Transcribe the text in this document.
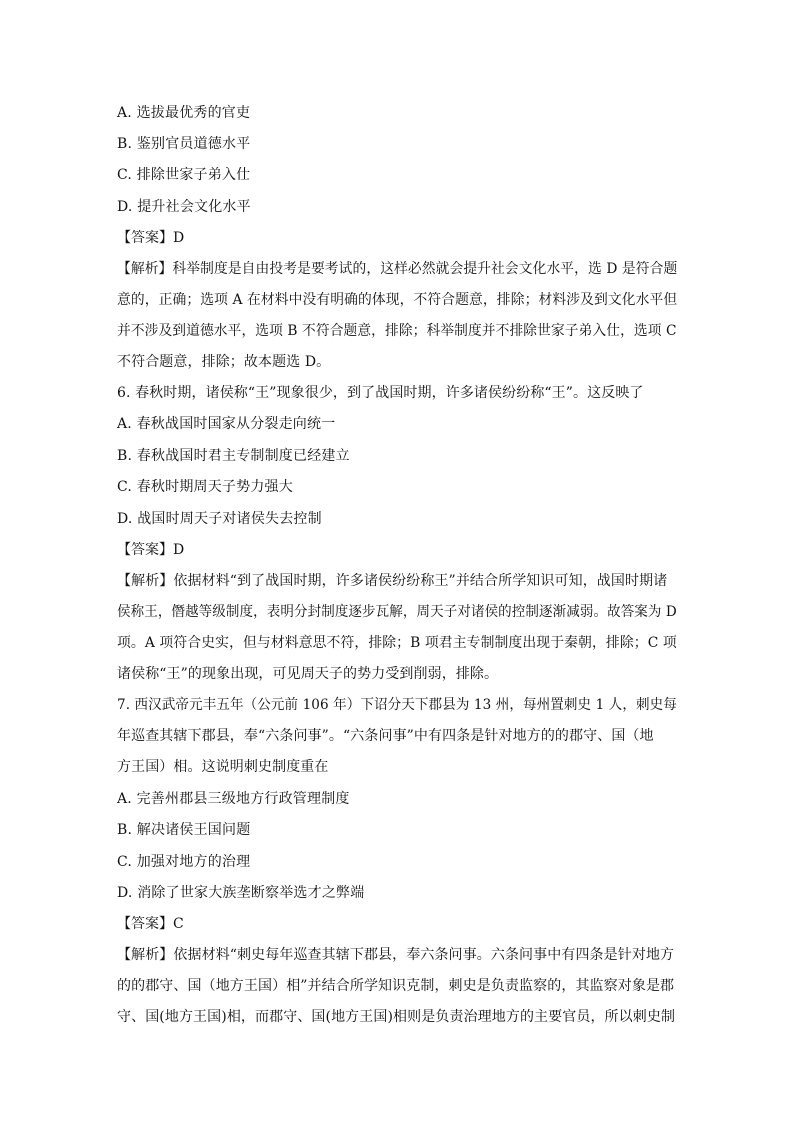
A. 选拔最优秀的官吏
B. 鉴别官员道德水平
C. 排除世家子弟入仕
D. 提升社会文化水平
【答案】D
【解析】科举制度是自由投考是要考试的，这样必然就会提升社会文化水平，选 D 是符合题
意的，正确；选项 A 在材料中没有明确的体现，不符合题意，排除；材料涉及到文化水平但
并不涉及到道德水平，选项 B 不符合题意，排除；科举制度并不排除世家子弟入仕，选项 C
不符合题意，排除；故本题选 D。
6. 春秋时期，诸侯称“王”现象很少，到了战国时期，许多诸侯纷纷称“王”。这反映了
A. 春秋战国时国家从分裂走向统一
B. 春秋战国时君主专制制度已经建立
C. 春秋时期周天子势力强大
D. 战国时周天子对诸侯失去控制
【答案】D
【解析】依据材料“到了战国时期，许多诸侯纷纷称王”并结合所学知识可知，战国时期诸
侯称王，僭越等级制度，表明分封制度逐步瓦解，周天子对诸侯的控制逐渐减弱。故答案为 D
项。A 项符合史实，但与材料意思不符，排除；B 项君主专制制度出现于秦朝，排除；C 项
诸侯称“王”的现象出现，可见周天子的势力受到削弱，排除。
7. 西汉武帝元丰五年（公元前 106 年）下诏分天下郡县为 13 州，每州置刺史 1 人，刺史每
年巡查其辖下郡县，奉“六条问事”。“六条问事”中有四条是针对地方的的郡守、国（地
方王国）相。这说明刺史制度重在
A. 完善州郡县三级地方行政管理制度
B. 解决诸侯王国问题
C. 加强对地方的治理
D. 消除了世家大族垄断察举选才之弊端
【答案】C
【解析】依据材料“刺史每年巡查其辖下郡县，奉六条问事。六条问事中有四条是针对地方
的的郡守、国（地方王国）相”并结合所学知识克制，刺史是负责监察的，其监察对象是郡
守、国(地方王国)相，而郡守、国(地方王国)相则是负责治理地方的主要官员，所以刺史制
